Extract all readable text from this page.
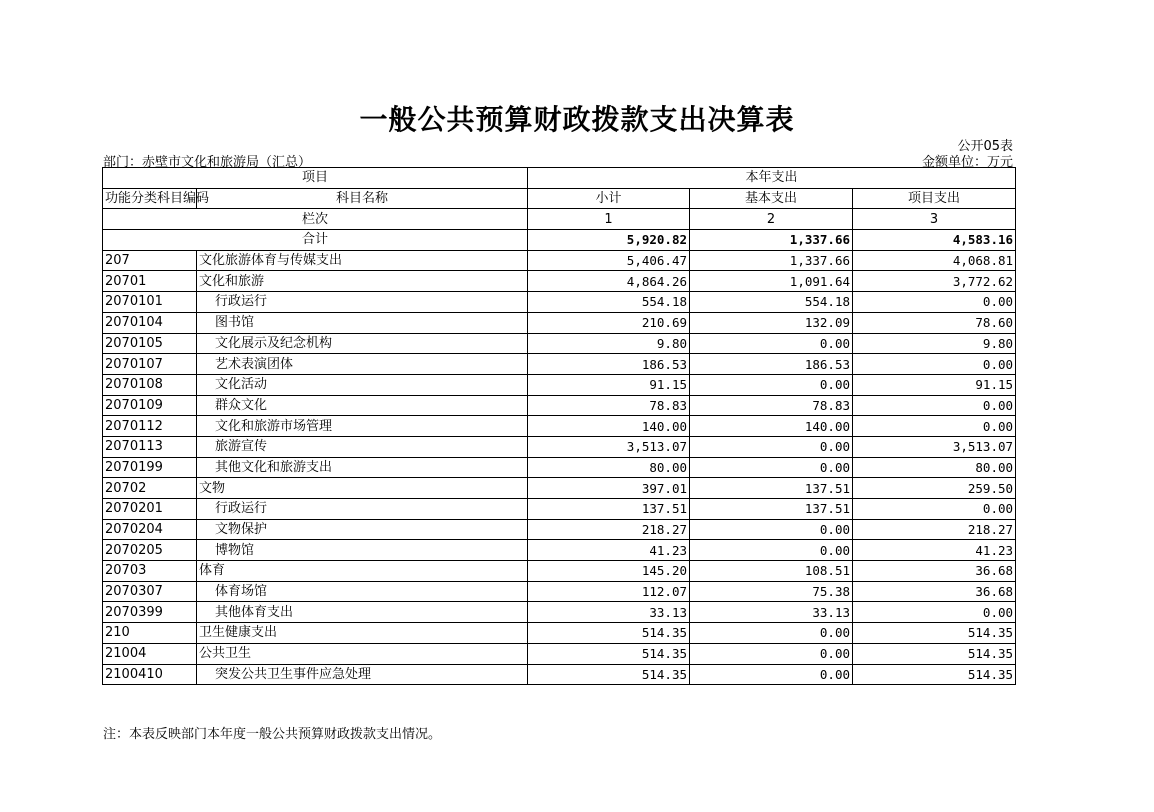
一般公共预算财政拨款支出决算表
公开05表
部门：赤壁市文化和旅游局（汇总）	金额单位：万元
项目		本年支出		
功能分类科目编码	科目名称	小计	基本支出	项目支出
栏次		1	2	3
合计		5,920.82	1,337.66	4,583.16
207	文化旅游体育与传媒支出	5,406.47	1,337.66	4,068.81
20701	文化和旅游	4,864.26	1,091.64	3,772.62
2070101	行政运行	554.18	554.18	0.00
2070104	图书馆	210.69	132.09	78.60
2070105	文化展示及纪念机构	9.80	0.00	9.80
2070107	艺术表演团体	186.53	186.53	0.00
2070108	文化活动	91.15	0.00	91.15
2070109	群众文化	78.83	78.83	0.00
2070112	文化和旅游市场管理	140.00	140.00	0.00
2070113	旅游宣传	3,513.07	0.00	3,513.07
2070199	其他文化和旅游支出	80.00	0.00	80.00
20702	文物	397.01	137.51	259.50
2070201	行政运行	137.51	137.51	0.00
2070204	文物保护	218.27	0.00	218.27
2070205	博物馆	41.23	0.00	41.23
20703	体育	145.20	108.51	36.68
2070307	体育场馆	112.07	75.38	36.68
2070399	其他体育支出	33.13	33.13	0.00
210	卫生健康支出	514.35	0.00	514.35
21004	公共卫生	514.35	0.00	514.35
2100410	突发公共卫生事件应急处理	514.35	0.00	514.35
注：本表反映部门本年度一般公共预算财政拨款支出情况。
